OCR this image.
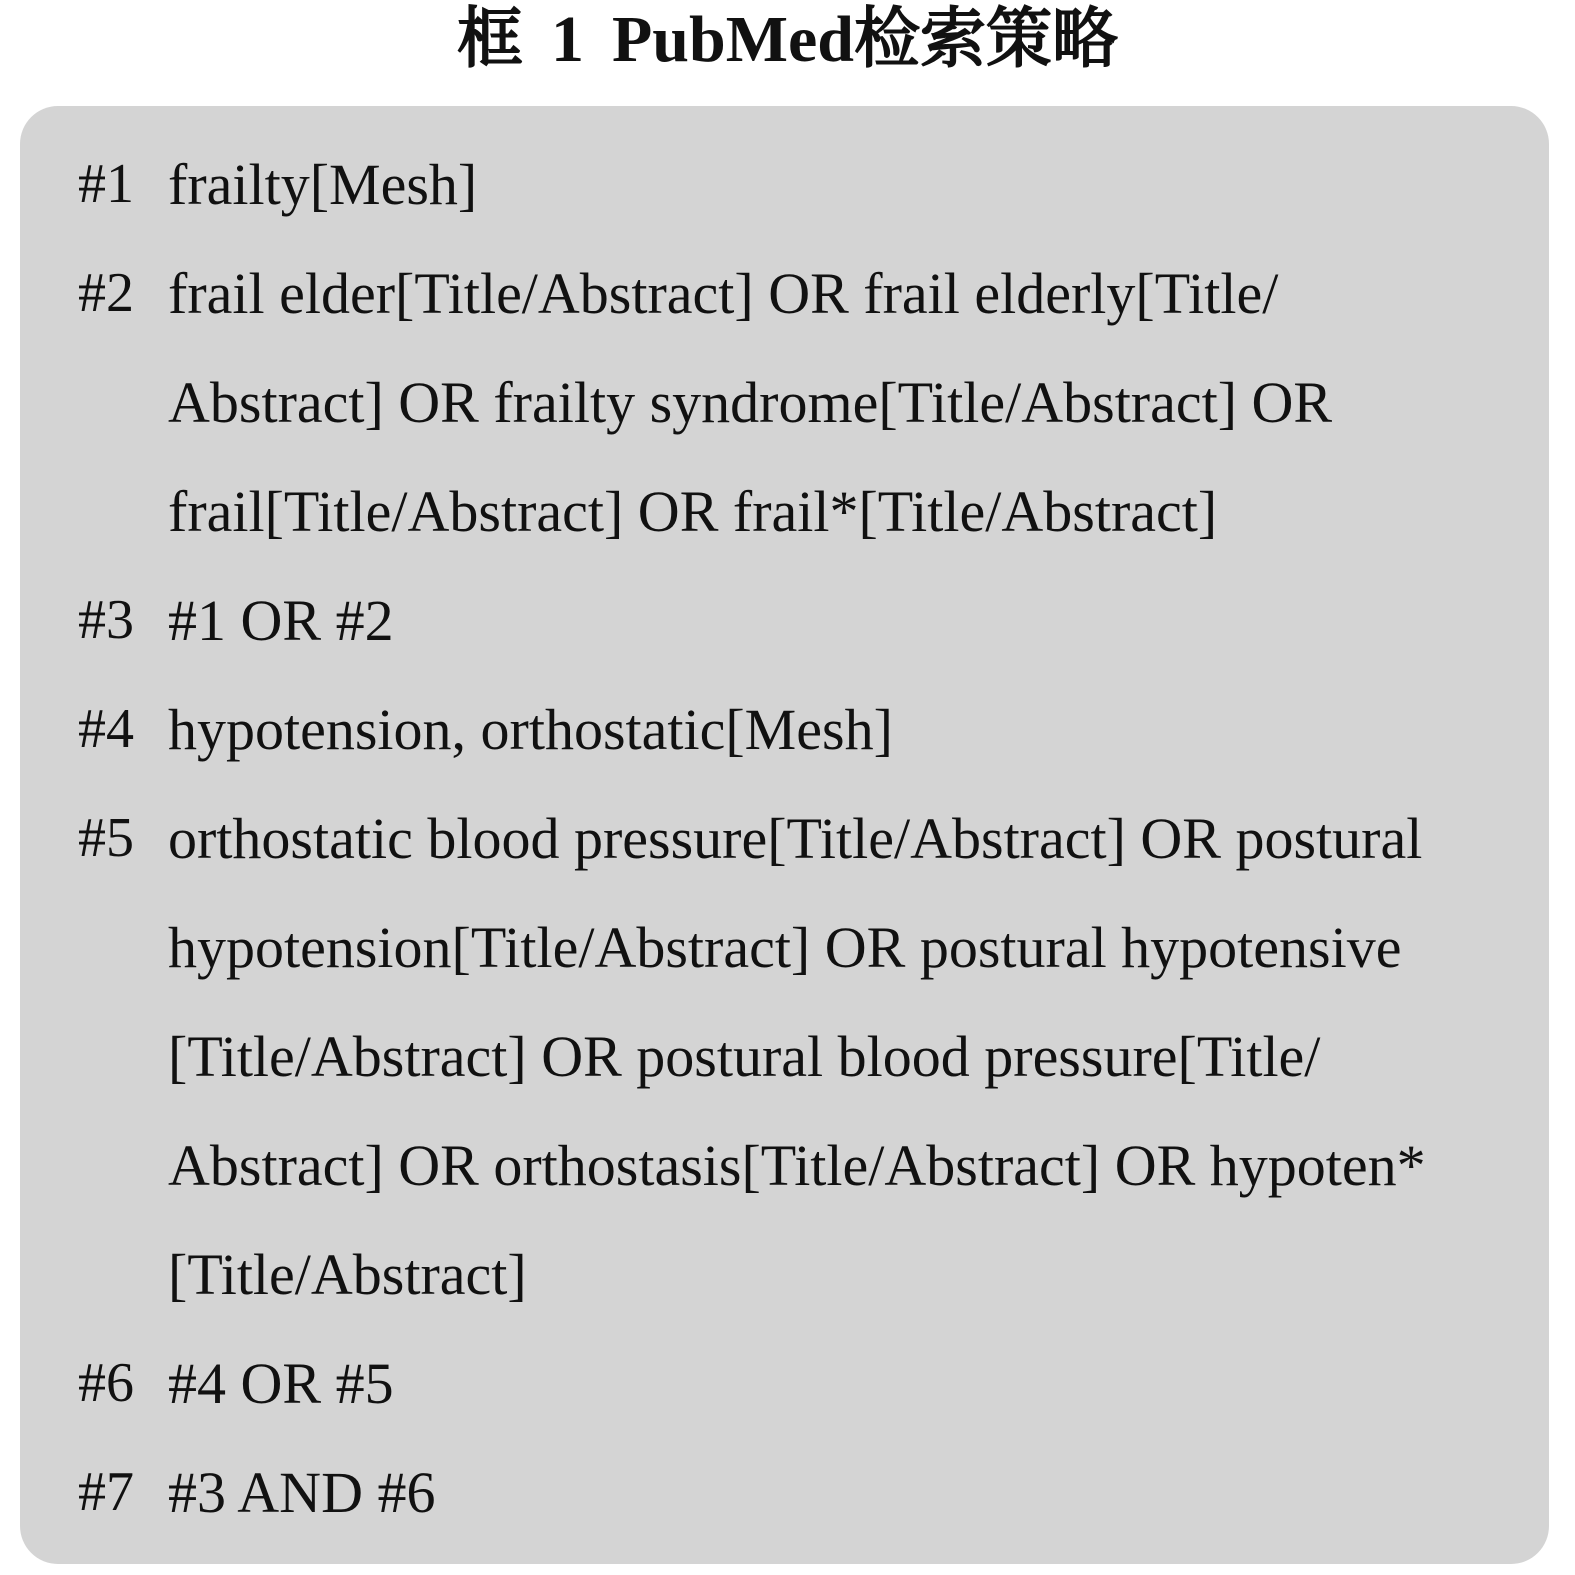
框 1 PubMed检索策略
#1 frailty[Mesh]
#2 frail elder[Title/Abstract] OR frail elderly[Title/
Abstract] OR frailty syndrome[Title/Abstract] OR
frail[Title/Abstract] OR frail*[Title/Abstract]
#3 #1 OR #2
#4 hypotension, orthostatic[Mesh]
#5 orthostatic blood pressure[Title/Abstract] OR postural
hypotension[Title/Abstract] OR postural hypotensive
[Title/Abstract] OR postural blood pressure[Title/
Abstract] OR orthostasis[Title/Abstract] OR hypoten*
[Title/Abstract]
#6 #4 OR #5
#7 #3 AND #6
